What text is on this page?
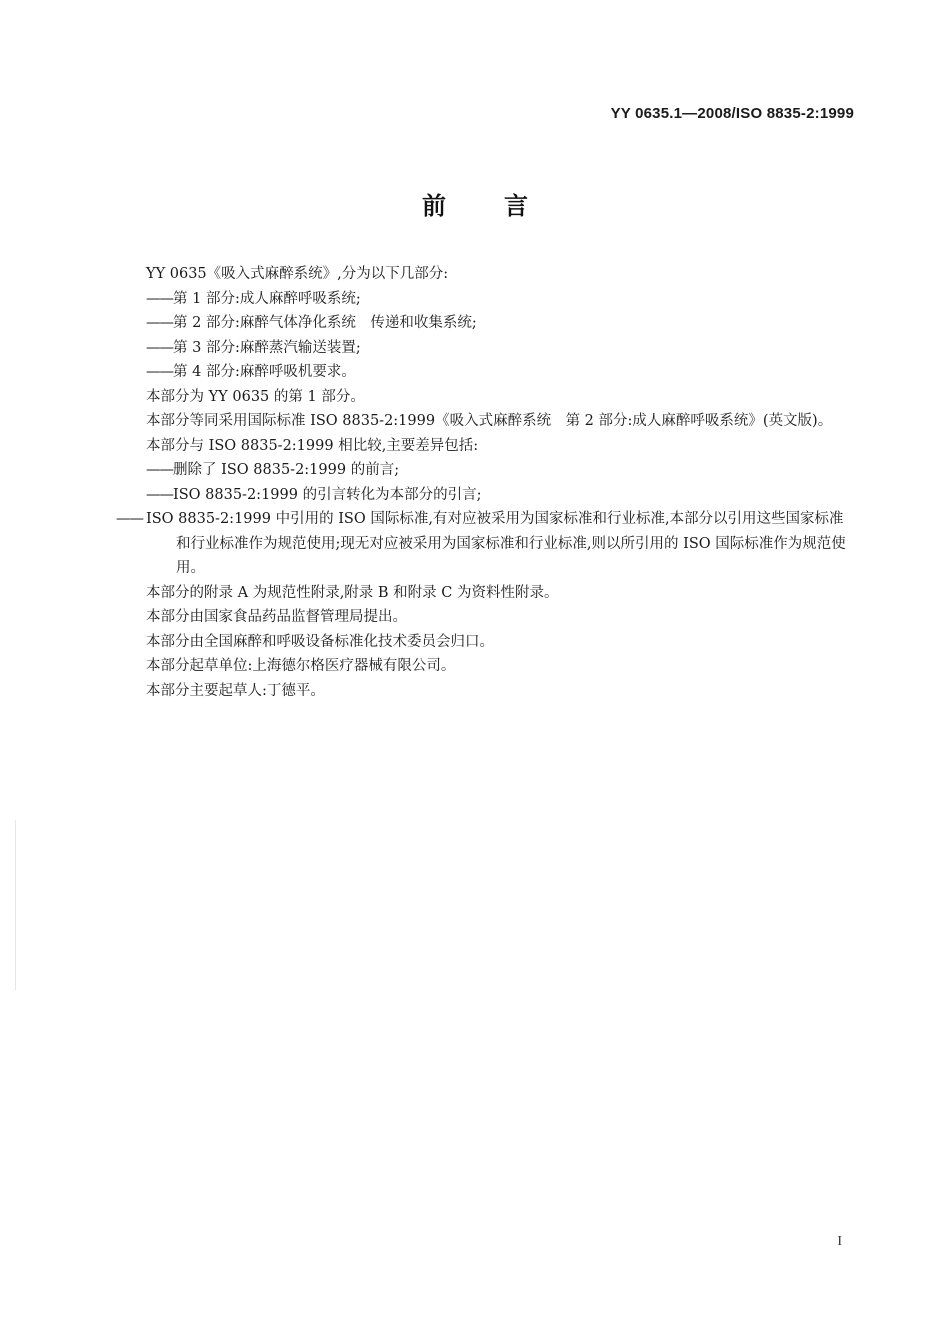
YY 0635.1—2008/ISO 8835-2:1999
前言

YY 0635《吸入式麻醉系统》,分为以下几部分:

——第 1 部分:成人麻醉呼吸系统;

——第 2 部分:麻醉气体净化系统　传递和收集系统;

——第 3 部分:麻醉蒸汽输送装置;

——第 4 部分:麻醉呼吸机要求。

本部分为 YY 0635 的第 1 部分。

本部分等同采用国际标准 ISO 8835-2:1999《吸入式麻醉系统　第 2 部分:成人麻醉呼吸系统》(英文版)。

本部分与 ISO 8835-2:1999 相比较,主要差异包括:

——删除了 ISO 8835-2:1999 的前言;

——ISO 8835-2:1999 的引言转化为本部分的引言;

—— ISO 8835-2:1999 中引用的 ISO 国际标准,有对应被采用为国家标准和行业标准,本部分以引用这些国家标准和行业标准作为规范使用;现无对应被采用为国家标准和行业标准,则以所引用的 ISO 国际标准作为规范使用。

本部分的附录 A 为规范性附录,附录 B 和附录 C 为资料性附录。

本部分由国家食品药品监督管理局提出。

本部分由全国麻醉和呼吸设备标准化技术委员会归口。

本部分起草单位:上海德尔格医疗器械有限公司。

本部分主要起草人:丁德平。

I
